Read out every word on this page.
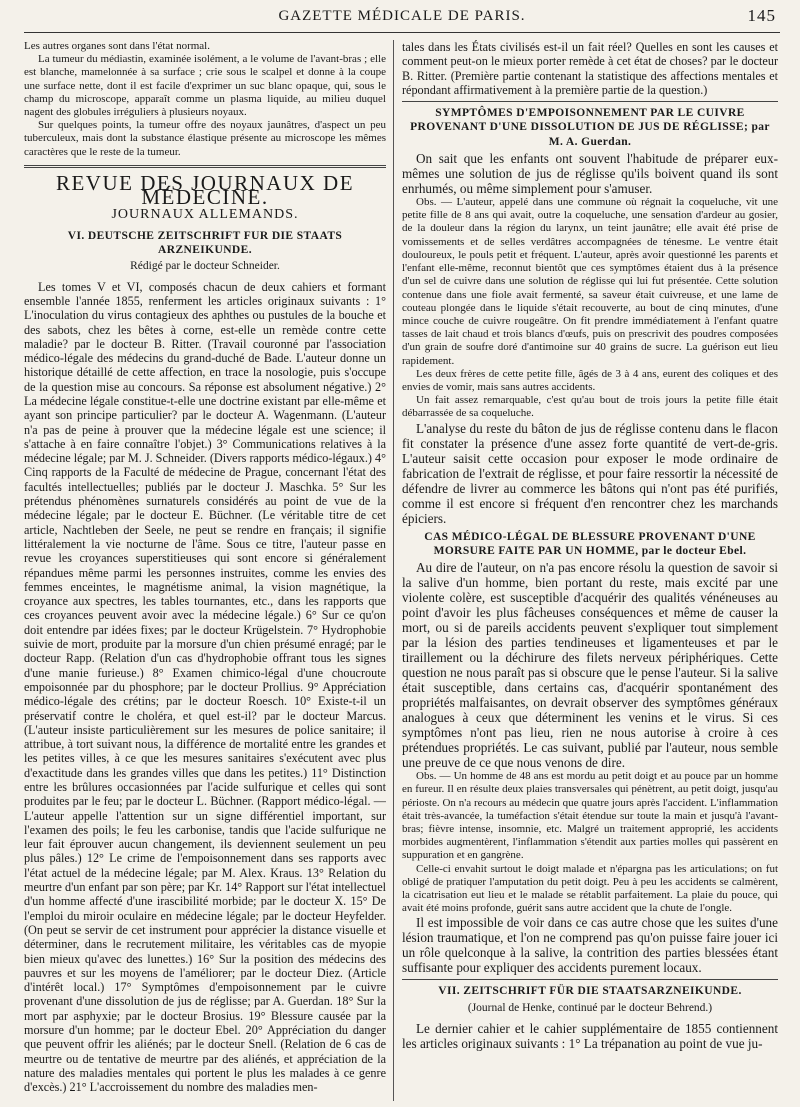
GAZETTE MÉDICALE DE PARIS.	145

Les autres organes sont dans l'état normal.

La tumeur du médiastin, examinée isolément, a le volume de l'avant-bras ; elle est blanche, mamelonnée à sa surface ; crie sous le scalpel et donne à la coupe une surface nette, dont il est facile d'exprimer un suc blanc opaque, qui, sous le champ du microscope, apparaît comme un plasma liquide, au milieu duquel nagent des globules irréguliers à plusieurs noyaux.

Sur quelques points, la tumeur offre des noyaux jaunâtres, d'aspect un peu tuberculeux, mais dont la substance élastique présente au microscope les mêmes caractères que le reste de la tumeur.

REVUE DES JOURNAUX DE MÉDECINE.
JOURNAUX ALLEMANDS.
VI. DEUTSCHE ZEITSCHRIFT FUR DIE STAATS ARZNEIKUNDE.
Rédigé par le docteur Schneider.

Les tomes V et VI, composés chacun de deux cahiers et formant ensemble l'année 1855, renferment les articles originaux suivants : 1° L'inoculation du virus contagieux des aphthes ou pustules de la bouche et des sabots, chez les bêtes à corne, est-elle un remède contre cette maladie? par le docteur B. Ritter. (Travail couronné par l'association médico-légale des médecins du grand-duché de Bade. L'auteur donne un historique détaillé de cette affection, en trace la nosologie, puis s'occupe de la question mise au concours. Sa réponse est absolument négative.) 2° La médecine légale constitue-t-elle une doctrine existant par elle-même et ayant son principe particulier? par le docteur A. Wagenmann. (L'auteur n'a pas de peine à prouver que la médecine légale est une science; il s'attache à en faire connaître l'objet.) 3° Communications relatives à la médecine légale; par M. J. Schneider. (Divers rapports médico-légaux.) 4° Cinq rapports de la Faculté de médecine de Prague, concernant l'état des facultés intellectuelles; publiés par le docteur J. Maschka. 5° Sur les prétendus phénomènes surnaturels considérés au point de vue de la médecine légale; par le docteur E. Büchner. (Le véritable titre de cet article, Nachtleben der Seele, ne peut se rendre en français; il signifie littéralement la vie nocturne de l'âme. Sous ce titre, l'auteur passe en revue les croyances superstitieuses qui sont encore si généralement répandues même parmi les personnes instruites, comme les envies des femmes enceintes, le magnétisme animal, la vision magnétique, la croyance aux spectres, les tables tournantes, etc., dans les rapports que ces croyances peuvent avoir avec la médecine légale.) 6° Sur ce qu'on doit entendre par idées fixes; par le docteur Krügelstein. 7° Hydrophobie suivie de mort, produite par la morsure d'un chien présumé enragé; par le docteur Rapp. (Relation d'un cas d'hydrophobie offrant tous les signes d'une manie furieuse.) 8° Examen chimico-légal d'une choucroute empoisonnée par du phosphore; par le docteur Prollius. 9° Appréciation médico-légale des crétins; par le docteur Roesch. 10° Existe-t-il un préservatif contre le choléra, et quel est-il? par le docteur Marcus. (L'auteur insiste particulièrement sur les mesures de police sanitaire; il attribue, à tort suivant nous, la différence de mortalité entre les grandes et les petites villes, à ce que les mesures sanitaires s'exécutent avec plus d'exactitude dans les grandes villes que dans les petites.) 11° Distinction entre les brûlures occasionnées par l'acide sulfurique et celles qui sont produites par le feu; par le docteur L. Büchner. (Rapport médico-légal. — L'auteur appelle l'attention sur un signe différentiel important, sur l'examen des poils; le feu les carbonise, tandis que l'acide sulfurique ne leur fait éprouver aucun changement, ils deviennent seulement un peu plus pâles.) 12° Le crime de l'empoisonnement dans ses rapports avec l'état actuel de la médecine légale; par M. Alex. Kraus. 13° Relation du meurtre d'un enfant par son père; par Kr. 14° Rapport sur l'état intellectuel d'un homme affecté d'une irascibilité morbide; par le docteur X. 15° De l'emploi du miroir oculaire en médecine légale; par le docteur Heyfelder. (On peut se servir de cet instrument pour apprécier la distance visuelle et déterminer, dans le recrutement militaire, les véritables cas de myopie bien mieux qu'avec des lunettes.) 16° Sur la position des médecins des pauvres et sur les moyens de l'améliorer; par le docteur Diez. (Article d'intérêt local.) 17° Symptômes d'empoisonnement par le cuivre provenant d'une dissolution de jus de réglisse; par A. Guerdan. 18° Sur la mort par asphyxie; par le docteur Brosius. 19° Blessure causée par la morsure d'un homme; par le docteur Ebel. 20° Appréciation du danger que peuvent offrir les aliénés; par le docteur Snell. (Relation de 6 cas de meurtre ou de tentative de meurtre par des aliénés, et appréciation de la nature des maladies mentales qui portent le plus les malades à ce genre d'excès.) 21° L'accroissement du nombre des maladies men-

tales dans les États civilisés est-il un fait réel? Quelles en sont les causes et comment peut-on le mieux porter remède à cet état de choses? par le docteur B. Ritter. (Première partie contenant la statistique des affections mentales et répondant affirmativement à la première partie de la question.)

SYMPTÔMES D'EMPOISONNEMENT PAR LE CUIVRE PROVENANT D'UNE DISSOLUTION DE JUS DE RÉGLISSE; par M. A. Guerdan.

On sait que les enfants ont souvent l'habitude de préparer eux-mêmes une solution de jus de réglisse qu'ils boivent quand ils sont enrhumés, ou même simplement pour s'amuser.

Obs. — L'auteur, appelé dans une commune où régnait la coqueluche, vit une petite fille de 8 ans qui avait, outre la coqueluche, une sensation d'ardeur au gosier, de la douleur dans la région du larynx, un teint jaunâtre; elle avait été prise de vomissements et de selles verdâtres accompagnées de ténesme. Le ventre était douloureux, le pouls petit et fréquent. L'auteur, après avoir questionné les parents et l'enfant elle-même, reconnut bientôt que ces symptômes étaient dus à la présence d'un sel de cuivre dans une solution de réglisse qui lui fut présentée. Cette solution contenue dans une fiole avait fermenté, sa saveur était cuivreuse, et une lame de couteau plongée dans le liquide s'était recouverte, au bout de cinq minutes, d'une mince couche de cuivre rougeâtre. On fit prendre immédiatement à l'enfant quatre tasses de lait chaud et trois blancs d'œufs, puis on prescrivit des poudres composées d'un grain de soufre doré d'antimoine sur 40 grains de sucre. La guérison eut lieu rapidement.

Les deux frères de cette petite fille, âgés de 3 à 4 ans, eurent des coliques et des envies de vomir, mais sans autres accidents.

Un fait assez remarquable, c'est qu'au bout de trois jours la petite fille était débarrassée de sa coqueluche.

L'analyse du reste du bâton de jus de réglisse contenu dans le flacon fit constater la présence d'une assez forte quantité de vert-de-gris. L'auteur saisit cette occasion pour exposer le mode ordinaire de fabrication de l'extrait de réglisse, et pour faire ressortir la nécessité de défendre de livrer au commerce les bâtons qui n'ont pas été purifiés, comme il est encore si fréquent d'en rencontrer chez les marchands épiciers.

CAS MÉDICO-LÉGAL DE BLESSURE PROVENANT D'UNE MORSURE FAITE PAR UN HOMME, par le docteur Ebel.

Au dire de l'auteur, on n'a pas encore résolu la question de savoir si la salive d'un homme, bien portant du reste, mais excité par une violente colère, est susceptible d'acquérir des qualités vénéneuses au point d'avoir les plus fâcheuses conséquences et même de causer la mort, ou si de pareils accidents peuvent s'expliquer tout simplement par la lésion des parties tendineuses et ligamenteuses et par le tiraillement ou la déchirure des filets nerveux périphériques. Cette question ne nous paraît pas si obscure que le pense l'auteur. Si la salive était susceptible, dans certains cas, d'acquérir spontanément des propriétés malfaisantes, on devrait observer des symptômes généraux analogues à ceux que déterminent les venins et le virus. Si ces symptômes n'ont pas lieu, rien ne nous autorise à croire à ces prétendues propriétés. Le cas suivant, publié par l'auteur, nous semble une preuve de ce que nous venons de dire.

Obs. — Un homme de 48 ans est mordu au petit doigt et au pouce par un homme en fureur. Il en résulte deux plaies transversales qui pénètrent, au petit doigt, jusqu'au périoste. On n'a recours au médecin que quatre jours après l'accident. L'inflammation était très-avancée, la tuméfaction s'était étendue sur toute la main et jusqu'à l'avant-bras; fièvre intense, insomnie, etc. Malgré un traitement approprié, les accidents morbides augmentèrent, l'inflammation s'étendit aux parties molles qui passèrent en suppuration et en gangrène.

Celle-ci envahit surtout le doigt malade et n'épargna pas les articulations; on fut obligé de pratiquer l'amputation du petit doigt. Peu à peu les accidents se calmèrent, la cicatrisation eut lieu et le malade se rétablit parfaitement. La plaie du pouce, qui avait été moins profonde, guérit sans autre accident que la chute de l'ongle.

Il est impossible de voir dans ce cas autre chose que les suites d'une lésion traumatique, et l'on ne comprend pas qu'on puisse faire jouer ici un rôle quelconque à la salive, la contrition des parties blessées étant suffisante pour expliquer des accidents purement locaux.

VII. ZEITSCHRIFT FÜR DIE STAATSARZNEIKUNDE.
(Journal de Henke, continué par le docteur Behrend.)

Le dernier cahier et le cahier supplémentaire de 1855 contiennent les articles originaux suivants : 1° La trépanation au point de vue ju-
